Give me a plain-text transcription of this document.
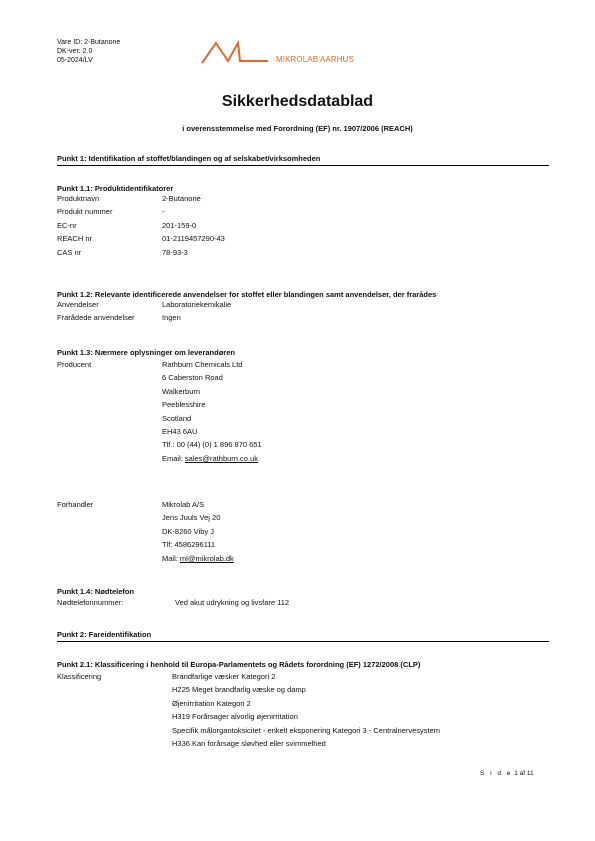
Vare ID: 2-Butanone
DK-ver: 2.0
05-2024/LV	MIKROLAB AARHUS
Sikkerhedsdatablad
i overensstemmelse med Forordning (EF) nr. 1907/2006 (REACH)
Punkt 1: Identifikation af stoffet/blandingen og af selskabet/virksomheden
Punkt 1.1: Produktidentifikatorer
Produktnavn	2-Butanone
Produkt nummer	-
EC-nr	201-159-0
REACH nr	01-2119457290-43
CAS nr	78-93-3
Punkt 1.2: Relevante identificerede anvendelser for stoffet eller blandingen samt anvendelser, der frarådes
Anvendelser	Laboratoriekemikalie
Frarådede anvendelser	Ingen
Punkt 1.3: Nærmere oplysninger om leverandøren
Producent	Rathburn Chemicals Ltd
6 Caberston Road
Walkerburn
Peeblesshire
Scotland
EH43 6AU
Tlf.: 00 (44) (0) 1 896 870 651
Email: sales@rathburn.co.uk
Forhandler	Mikrolab A/S
Jens Juuls Vej 20
DK-8260 Viby J
Tlf: 4586296111
Mail: ml@mikrolab.dk
Punkt 1.4: Nødtelefon
Nødtelefonnummer:	Ved akut udrykning og livsfare 112
Punkt 2: Fareidentifikation
Punkt 2.1: Klassificering i henhold til Europa-Parlamentets og Rådets forordning (EF) 1272/2008 (CLP)
Klassificering	Brandfarlige væsker Kategori 2
H225 Meget brandfarlig væske og damp
Øjenirritation Kategori 2
H319 Forårsager alvorlig øjenirritation
Specifik målorgantoksicitet - enkelt eksponering Kategori 3 - Centralnervesystem
H336 Kan forårsage sløvhed eller svimmelhed
S i d e 1 af 11
